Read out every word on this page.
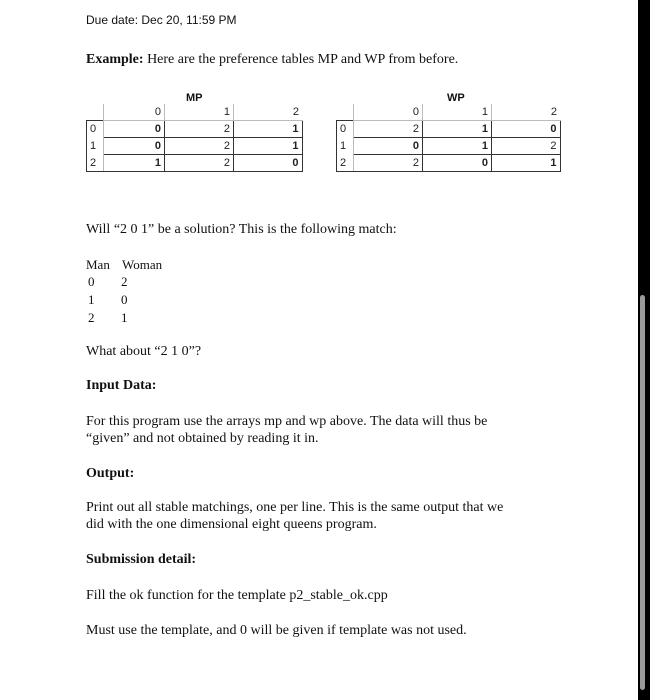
Due date: Dec 20, 11:59 PM
Example: Here are the preference tables MP and WP from before.
MP
	0	1	2
0	0	2	1
1	0	2	1
2	1	2	0
WP
	0	1	2
0	2	1	0
1	0	1	2
2	2	0	1
Will “2 0 1” be a solution? This is the following match:
Man Woman
0 2
1 0
2 1
What about “2 1 0”?
Input Data:
For this program use the arrays mp and wp above. The data will thus be
“given” and not obtained by reading it in.
Output:
Print out all stable matchings, one per line. This is the same output that we
did with the one dimensional eight queens program.
Submission detail:
Fill the ok function for the template p2_stable_ok.cpp
Must use the template, and 0 will be given if template was not used.
